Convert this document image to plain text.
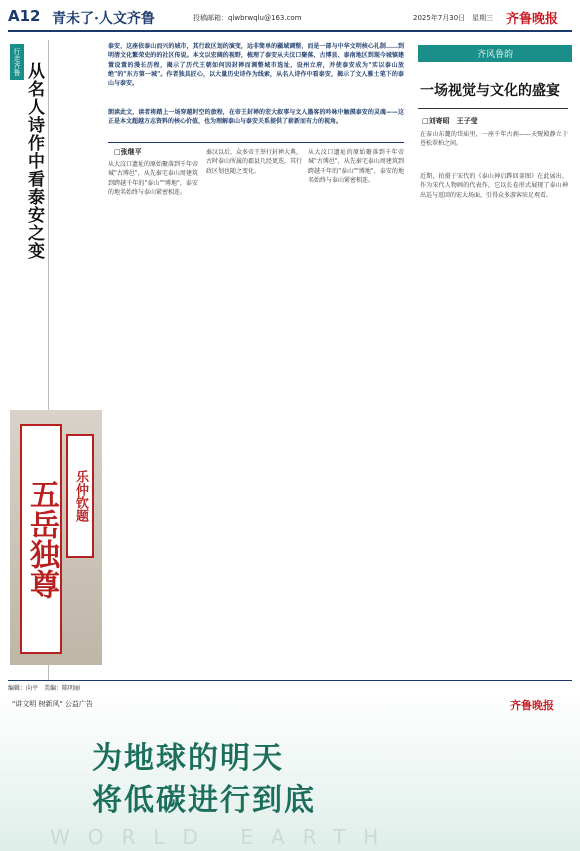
A12 青未了·人文齐鲁	投稿邮箱：qlwbrwqlu@163.com	2025年7月30日　星期三 齐鲁晚报
行走齐鲁 从名人诗作中看泰安之变
泰安，这座依泰山而兴的城市，其行政区划的演变，远非简单的疆域调整，而是一部与中华文明核心礼制……到明清文化繁荣史的的社区传说。本文以宏阔的视野，梳理了泰安从夫汶口聚落、古博县、泰南地区到现今城镇建置设置的漫长历程，揭示了历代王朝如何因封禅而调整城市选址，设州立府，并使泰安成为"实以泰山放绝"的"东方第一城"。作者独具匠心，以大量历史诗作为线索，从名人诗作中看泰安，揭示了文人雅士笔下的泰山与泰安。
朗读此文，读者将踏上一场穿越时空的旅程，在帝王封禅的宏大叙事与文人墨客的吟咏中触摸泰安的灵魂——这正是本文超越方志资料的核心价值，也为理解泰山与泰安关系提供了崭新而有力的视角。
□张继平
从大汶口遗址的原始聚落到千年帝城"古博邑"，从先秦宅泰山周建筑到跨越千年的"泰山""博地"，泰安的地名始终与泰山紧密相连。
秦汉以后，众多帝王举行封禅大典，古时泰山所属的郡县几经更迭，其行政区划也随之变化。
从大汶口遗址的原始聚落到千年帝城"古博邑"，从先秦宅泰山周建筑到跨越千年的"泰山""博地"，泰安的地名始终与泰山紧密相连。
五岳独尊	乐仲钦题
齐风鲁韵
一场视觉与文化的盛宴
□刘寄昭　王子莹
在泰山东麓的岱庙里，一座千年古刹——天贶殿静立于苍松翠柏之间。
近期，拍摄于宋代的《泰山神启跸回銮图》在此展出，作为宋代人物画的代表作，它以长卷形式展现了泰山神出巡与返回的宏大场面，引得众多游客驻足观看。
编辑：向平　美编：陈明丽
"讲文明 树新风" 公益广告	齐鲁晚报
为地球的明天
将低碳进行到底
WORLD EARTH
